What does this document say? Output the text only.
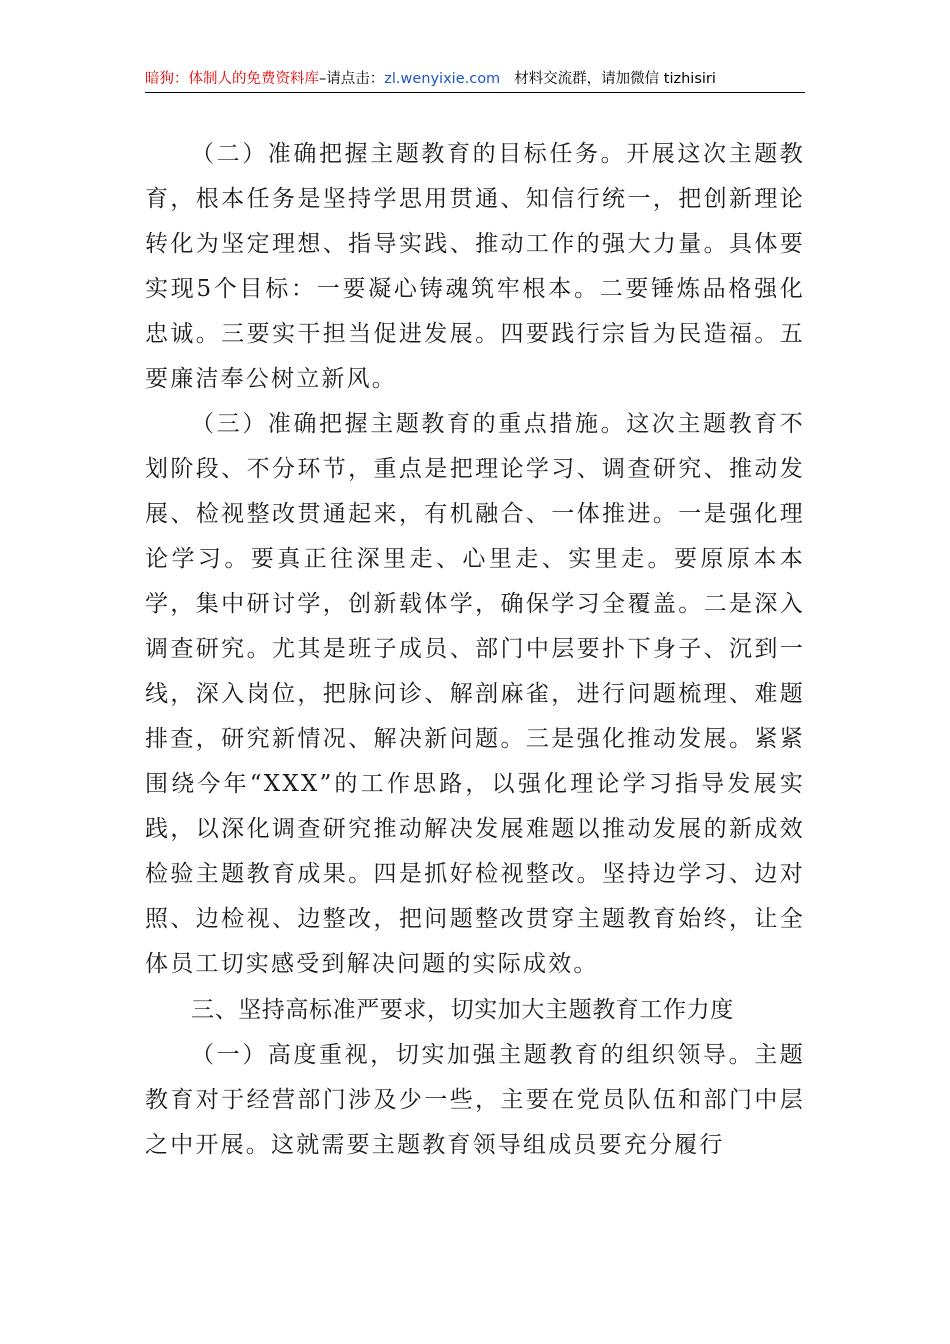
暗狗：体制人的免费资料库–请点击：zl.wenyixie.com 材料交流群，请加微信 tizhisiri

（二）准确把握主题教育的目标任务。开展这次主题教育，根本任务是坚持学思用贯通、知信行统一，把创新理论转化为坚定理想、指导实践、推动工作的强大力量。具体要实现5个目标：一要凝心铸魂筑牢根本。二要锤炼品格强化忠诚。三要实干担当促进发展。四要践行宗旨为民造福。五要廉洁奉公树立新风。

（三）准确把握主题教育的重点措施。这次主题教育不划阶段、不分环节，重点是把理论学习、调查研究、推动发展、检视整改贯通起来，有机融合、一体推进。一是强化理论学习。要真正往深里走、心里走、实里走。要原原本本学，集中研讨学，创新载体学，确保学习全覆盖。二是深入调查研究。尤其是班子成员、部门中层要扑下身子、沉到一线，深入岗位，把脉问诊、解剖麻雀，进行问题梳理、难题排查，研究新情况、解决新问题。三是强化推动发展。紧紧围绕今年“XXX”的工作思路，以强化理论学习指导发展实践，以深化调查研究推动解决发展难题以推动发展的新成效检验主题教育成果。四是抓好检视整改。坚持边学习、边对照、边检视、边整改，把问题整改贯穿主题教育始终，让全体员工切实感受到解决问题的实际成效。

三、坚持高标准严要求，切实加大主题教育工作力度

（一）高度重视，切实加强主题教育的组织领导。主题教育对于经营部门涉及少一些，主要在党员队伍和部门中层之中开展。这就需要主题教育领导组成员要充分履行
